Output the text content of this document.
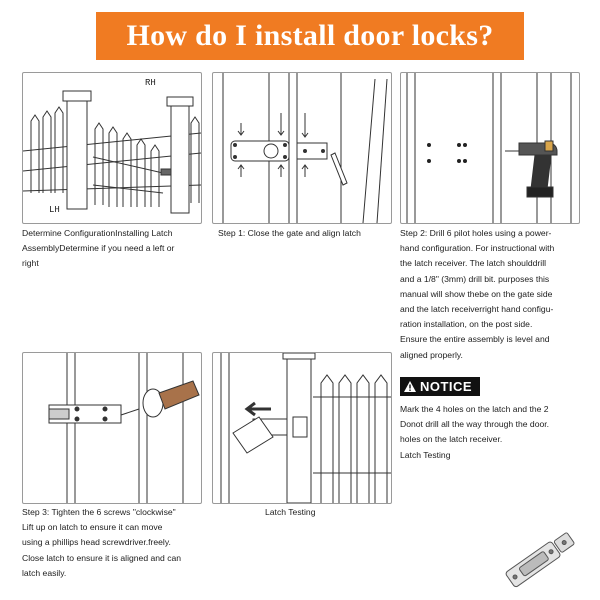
How do I install door locks?
RH
LH
Determine ConfigurationInstalling Latch
AssemblyDetermine if you need a left or
right
Step 1: Close the gate and align latch	Step 2: Drill 6 pilot holes using a power-
hand configuration. For instructional with
the latch receiver. The latch shoulddrill
and a 1/8" (3mm) drill bit. purposes this
manual will show thebe on the gate side
and the latch receiverright hand configu-
ration installation, on the post side.
Ensure the entire assembly is level and
aligned properly.
NOTICE
Mark the 4 holes on the latch and the 2
Donot drill all the way through the door.
holes on the latch receiver.
Latch Testing
Step 3: Tighten the 6 screws "clockwise"
Lift up on latch to ensure it can move
using a phillips head screwdriver.freely.
Close latch to ensure it is aligned and can
latch easily.
Latch Testing
